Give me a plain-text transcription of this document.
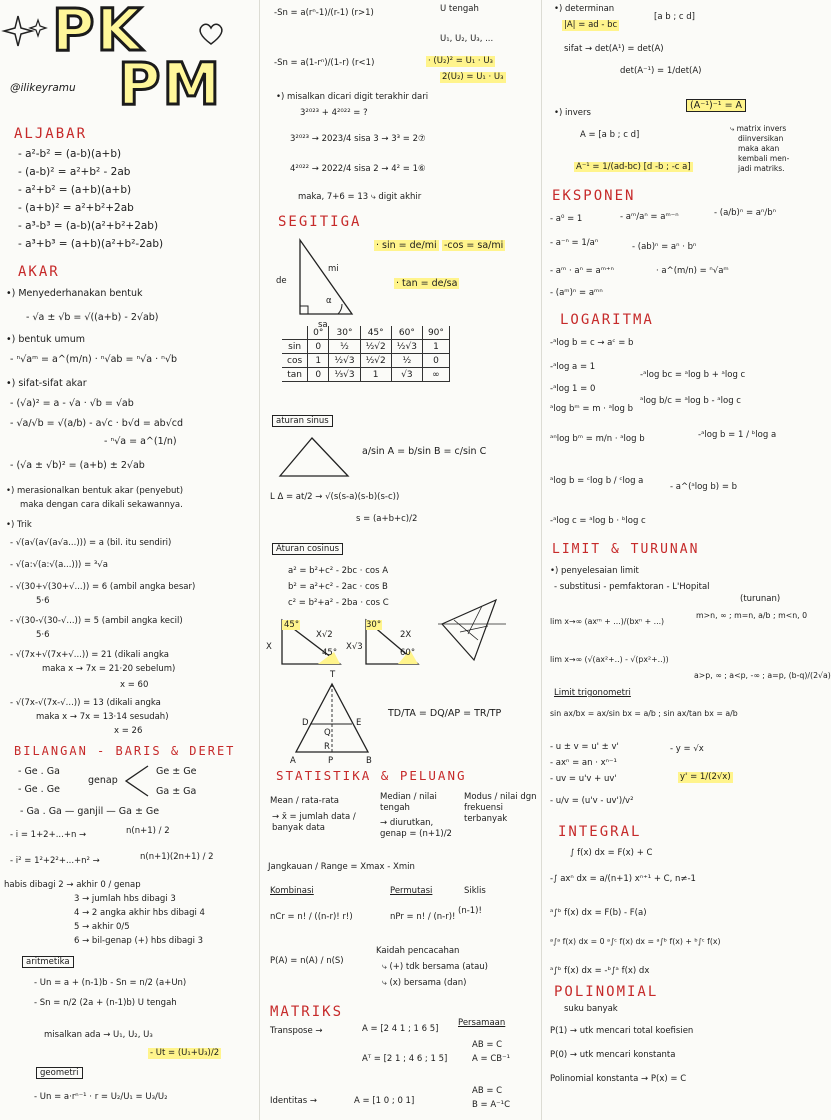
PK
@ilikeyramu PM
ALJABAR
- a²-b² = (a-b)(a+b)
- (a-b)² = a²+b² - 2ab
- a²+b² = (a+b)(a+b)
- (a+b)² = a²+b²+2ab
- a³-b³ = (a-b)(a²+b²+2ab)
- a³+b³ = (a+b)(a²+b²-2ab)
AKAR
•) Menyederhanakan bentuk
- √a ± √b = √((a+b) - 2√ab)
•) bentuk umum
- ⁿ√aᵐ = a^(m/n) · ⁿ√ab = ⁿ√a · ⁿ√b
•) sifat-sifat akar
- (√a)² = a - √a · √b = √ab
- √a/√b = √(a/b) - a√c · b√d = ab√cd
- ⁿ√a = a^(1/n)
- (√a ± √b)² = (a+b) ± 2√ab
•) merasionalkan bentuk akar (penyebut)
maka dengan cara dikali sekawannya.
•) Trik
- √(a√(a√(a√a...))) = a (bil. itu sendiri)
- √(a:√(a:√(a...))) = ³√a
- √(30+√(30+√...)) = 6 (ambil angka besar)
5·6
- √(30-√(30-√...)) = 5 (ambil angka kecil)
5·6
- √(7x+√(7x+√...)) = 21 (dikali angka
maka x → 7x = 21·20 sebelum)
x = 60
- √(7x-√(7x-√...)) = 13 (dikali angka
maka x → 7x = 13·14 sesudah)
x = 26
BILANGAN - BARIS & DERET
- Ge . Ga
- Ge . Ge
genap
Ge ± Ge
Ga ± Ga
- Ga . Ga — ganjil — Ga ± Ge
- i = 1+2+...+n →	n(n+1) / 2
- i² = 1²+2²+...+n² →	n(n+1)(2n+1) / 2
habis dibagi 2 → akhir 0 / genap
3 → jumlah hbs dibagi 3
4 → 2 angka akhir hbs dibagi 4
5 → akhir 0/5
6 → bil-genap (+) hbs dibagi 3
aritmetika
- Un = a + (n-1)b - Sn = n/2 (a+Un)
- Sn = n/2 (2a + (n-1)b) U tengah
misalkan ada → U₁, U₂, U₃
- Ut = (U₁+U₃)/2
geometri
- Un = a·rⁿ⁻¹ · r = U₂/U₁ = U₃/U₂
-Sn = a(rⁿ-1)/(r-1) (r>1)	U tengah
U₁, U₂, U₃, ...
-Sn = a(1-rⁿ)/(1-r) (r<1)	· (U₂)² = U₁ · U₃
2(U₂) = U₁ · U₃
•) misalkan dicari digit terakhir dari
3²⁰²³ + 4²⁰²² = ?
3²⁰²³ → 2023/4 sisa 3 → 3³ = 2⑦
4²⁰²² → 2022/4 sisa 2 → 4² = 1⑥
maka, 7+6 = 13 ⤷ digit akhir
SEGITIGA
de
mi
sa
α
· sin = de/mi -cos = sa/mi
· tan = de/sa
	0°	30°	45°	60°	90°
sin	0	½	½√2	½√3	1
cos	1	½√3	½√2	½	0
tan	0	⅓√3	1	√3	∞
aturan sinus
a/sin A = b/sin B = c/sin C
L Δ = at/2 → √(s(s-a)(s-b)(s-c))
s = (a+b+c)/2
Aturan cosinus
a² = b²+c² - 2bc · cos A
b² = a²+c² - 2ac · cos B
c² = b²+a² - 2ba · cos C
45°
45°
X
X√2
30°
60°
X√3
2X
T
D	E
Q
R
A	P	B
TD/TA = DQ/AP = TR/TP
STATISTIKA & PELUANG
Mean / rata-rata
→ x̄ = jumlah data / banyak data
Median / nilai tengah
→ diurutkan, genap = (n+1)/2
Modus / nilai dgn frekuensi terbanyak
Jangkauan / Range = Xmax - Xmin
Kombinasi
nCr = n! / ((n-r)! r!)
Permutasi
nPr = n! / (n-r)!
Siklis
(n-1)!
P(A) = n(A) / n(S)
Kaidah pencacahan
⤷ (+) tdk bersama (atau)
⤷ (x) bersama (dan)
MATRIKS
Transpose →	A = [2 4 1 ; 1 6 5]
Aᵀ = [2 1 ; 4 6 ; 1 5]
Persamaan
AB = C
A = CB⁻¹
AB = C
B = A⁻¹C
Identitas →	A = [1 0 ; 0 1]
•) determinan
|A| = ad - bc
[a b ; c d]
sifat → det(A¹) = det(A)
det(A⁻¹) = 1/det(A)
•) invers
(A⁻¹)⁻¹ = A
A = [a b ; c d]
A⁻¹ = 1/(ad-bc) [d -b ; -c a]
⤷ matrix invers
diinversikan
maka akan
kembali men-
jadi matriks.
EKSPONEN
- a⁰ = 1	- aᵐ/aⁿ = aᵐ⁻ⁿ	- (a/b)ⁿ = aⁿ/bⁿ
- a⁻ⁿ = 1/aⁿ	- (ab)ⁿ = aⁿ · bⁿ
- aᵐ · aⁿ = aᵐ⁺ⁿ	· a^(m/n) = ⁿ√aᵐ
- (aᵐ)ⁿ = aᵐⁿ
LOGARITMA
-ᵃlog b = c → aᶜ = b
-ᵃlog a = 1
-ᵃlog bc = ᵃlog b + ᵃlog c
-ᵃlog 1 = 0
ᵃlog bᵐ = m · ᵃlog b
ᵃlog b/c = ᵃlog b - ᵃlog c
ᵃⁿlog bᵐ = m/n · ᵃlog b	-ᵃlog b = 1 / ᵇlog a
ᵃlog b = ᶜlog b / ᶜlog a
- a^(ᵃlog b) = b
-ᵃlog c = ᵃlog b · ᵇlog c
LIMIT & TURUNAN
•) penyelesaian limit
- substitusi - pemfaktoran - L'Hopital
(turunan)
lim x→∞ (axᵐ + ...)/(bxⁿ + ...)
m>n, ∞ ; m=n, a/b ; m<n, 0
lim x→∞ (√(ax²+..) - √(px²+..))
a>p, ∞ ; a<p, -∞ ; a=p, (b-q)/(2√a)
Limit trigonometri
sin ax/bx = ax/sin bx = a/b ; sin ax/tan bx = a/b
- u ± v = u' ± v'	- y = √x
- axⁿ = an · xⁿ⁻¹
y' = 1/(2√x)
- uv = u'v + uv'
- u/v = (u'v - uv')/v²
INTEGRAL
∫ f(x) dx = F(x) + C
-∫ axⁿ dx = a/(n+1) xⁿ⁺¹ + C, n≠-1
ᵃ∫ᵇ f(x) dx = F(b) - F(a)
ᵃ∫ᵃ f(x) dx = 0 ᵃ∫ᶜ f(x) dx = ᵃ∫ᵇ f(x) + ᵇ∫ᶜ f(x)
ᵃ∫ᵇ f(x) dx = -ᵇ∫ᵃ f(x) dx
POLINOMIAL
suku banyak
P(1) → utk mencari total koefisien
P(0) → utk mencari konstanta
Polinomial konstanta → P(x) = C
